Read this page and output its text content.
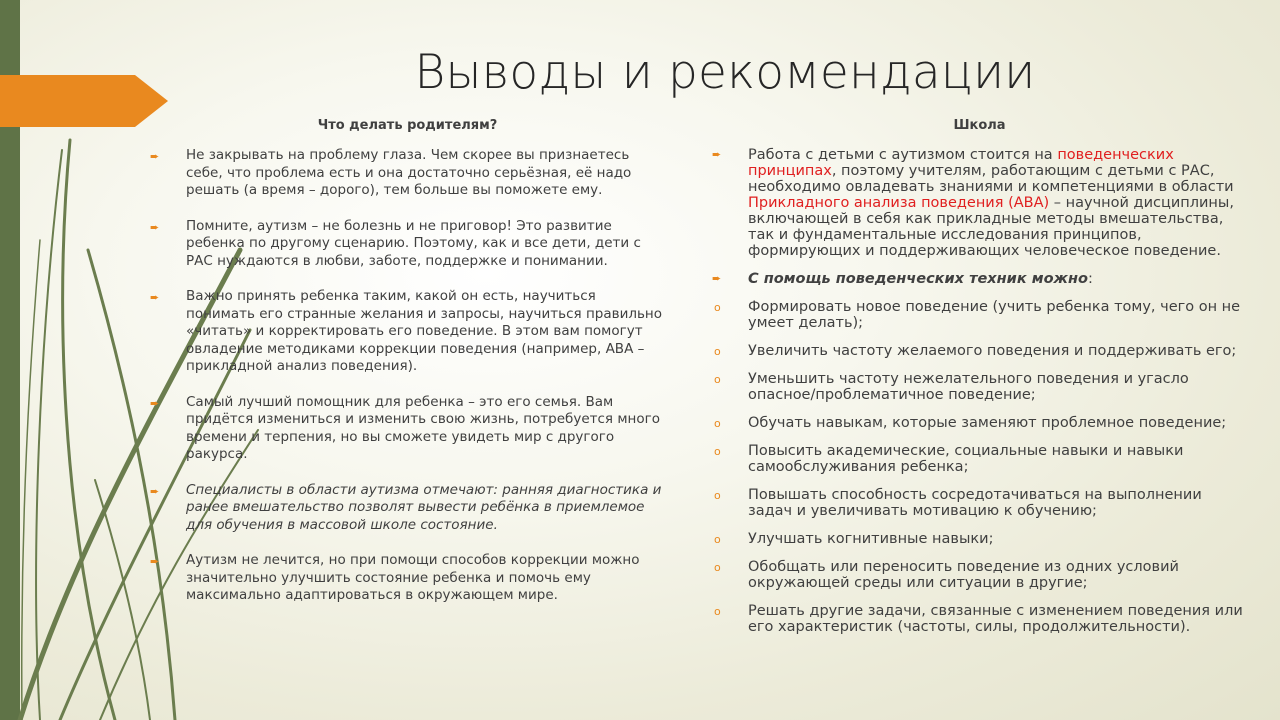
Выводы и рекомендации
Что делать родителям?
➨ Не закрывать на проблему глаза. Чем скорее вы признаетесь себе, что проблема есть и она достаточно серьёзная, её надо решать (а время – дорого), тем больше вы поможете ему.
➨ Помните, аутизм – не болезнь и не приговор! Это развитие ребенка по другому сценарию. Поэтому, как и все дети, дети с РАС нуждаются в любви, заботе, поддержке и понимании.
➨ Важно принять ребенка таким, какой он есть, научиться понимать его странные желания и запросы, научиться правильно «читать» и корректировать его поведение. В этом вам помогут овладение методиками коррекции поведения (например, АВА – прикладной анализ поведения).
➨ Самый лучший помощник для ребенка – это его семья. Вам придётся измениться и изменить свою жизнь, потребуется много времени и терпения, но вы сможете увидеть мир с другого ракурса.
➨ Специалисты в области аутизма отмечают: ранняя диагностика и ранее вмешательство позволят вывести ребёнка в приемлемое для обучения в массовой школе состояние.
➨ Аутизм не лечится, но при помощи способов коррекции можно значительно улучшить состояние ребенка и помочь ему максимально адаптироваться в окружающем мире.
Школа
➨ Работа с детьми с аутизмом стоится на поведенческих принципах, поэтому учителям, работающим с детьми с РАС, необходимо овладевать знаниями и компетенциями в области Прикладного анализа поведения (АВА) – научной дисциплины, включающей в себя как прикладные методы вмешательства, так и фундаментальные исследования принципов, формирующих и поддерживающих человеческое поведение.
➨ С помощь поведенческих техник можно:
o Формировать новое поведение (учить ребенка тому, чего он не умеет делать);
o Увеличить частоту желаемого поведения и поддерживать его;
o Уменьшить частоту нежелательного поведения и угасло опасное/проблематичное поведение;
o Обучать навыкам, которые заменяют проблемное поведение;
o Повысить академические, социальные навыки и навыки самообслуживания ребенка;
o Повышать способность сосредотачиваться на выполнении задач и увеличивать мотивацию к обучению;
o Улучшать когнитивные навыки;
o Обобщать или переносить поведение из одних условий окружающей среды или ситуации в другие;
o Решать другие задачи, связанные с изменением поведения или его характеристик (частоты, силы, продолжительности).
